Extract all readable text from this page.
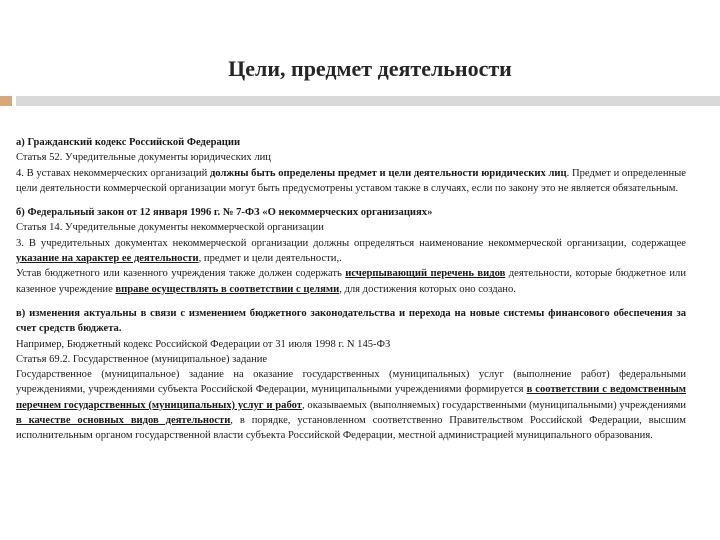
Цели, предмет деятельности

а) Гражданский кодекс Российской Федерации

Статья 52. Учредительные документы юридических лиц

4. В уставах некоммерческих организаций должны быть определены предмет и цели деятельности юридических лиц. Предмет и определенные цели деятельности коммерческой организации могут быть предусмотрены уставом также в случаях, если по закону это не является обязательным.

б) Федеральный закон от 12 января 1996 г. № 7-ФЗ «О некоммерческих организациях»

Статья 14. Учредительные документы некоммерческой организации

3. В учредительных документах некоммерческой организации должны определяться наименование некоммерческой организации, содержащее указание на характер ее деятельности, предмет и цели деятельности,.

Устав бюджетного или казенного учреждения также должен содержать исчерпывающий перечень видов деятельности, которые бюджетное или казенное учреждение вправе осуществлять в соответствии с целями, для достижения которых оно создано.

в) изменения актуальны в связи с изменением бюджетного законодательства и перехода на новые системы финансового обеспечения за счет средств бюджета.

Например, Бюджетный кодекс Российской Федерации от 31 июля 1998 г. N 145-ФЗ

Статья 69.2. Государственное (муниципальное) задание

Государственное (муниципальное) задание на оказание государственных (муниципальных) услуг (выполнение работ) федеральными учреждениями, учреждениями субъекта Российской Федерации, муниципальными учреждениями формируется в соответствии с ведомственным перечнем государственных (муниципальных) услуг и работ, оказываемых (выполняемых) государственными (муниципальными) учреждениями в качестве основных видов деятельности, в порядке, установленном соответственно Правительством Российской Федерации, высшим исполнительным органом государственной власти субъекта Российской Федерации, местной администрацией муниципального образования.
